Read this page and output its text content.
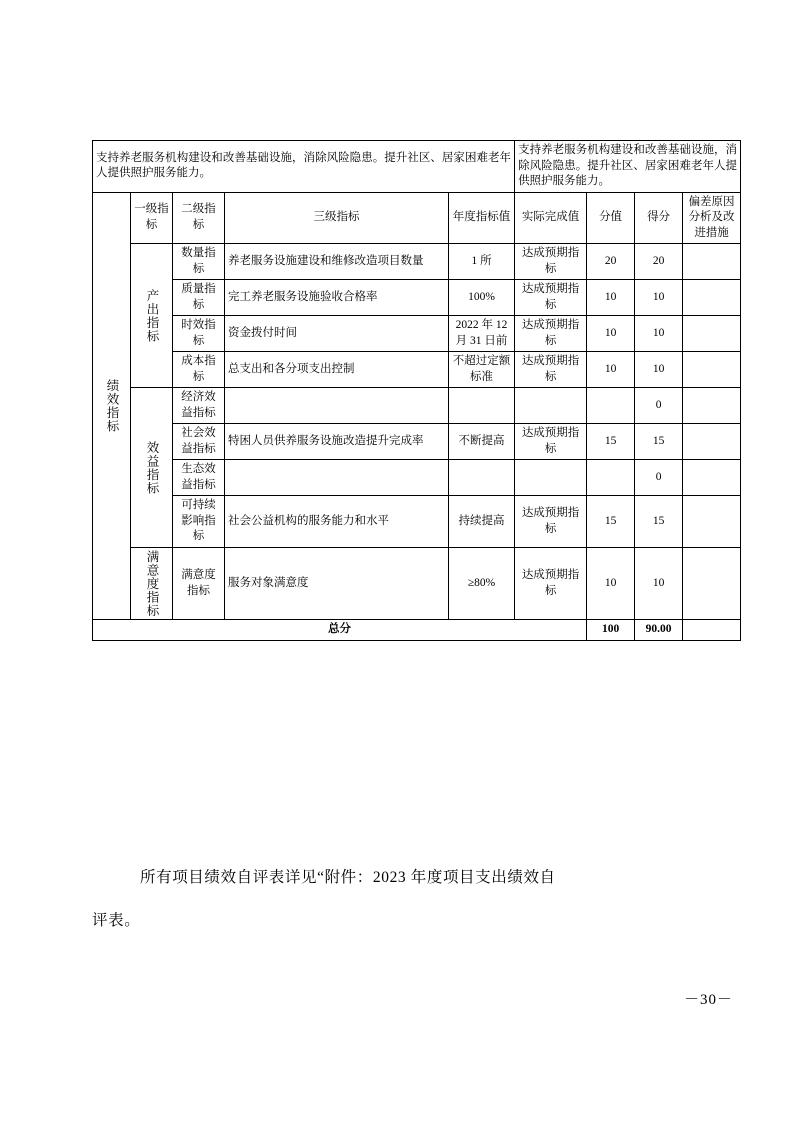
支持养老服务机构建设和改善基础设施，消除风险隐患。提升社区、居家困难老年人提供照护服务能力。					支持养老服务机构建设和改善基础设施，消除风险隐患。提升社区、居家困难老年人提供照护服务能力。			

绩效指标	一级指标	二级指标	三级指标	年度指标值	实际完成值	分值	得分	偏差原因分析及改进措施

	产出指标	数量指标	养老服务设施建设和维修改造项目数量	1 所	达成预期指标	20	20	
		质量指标	完工养老服务设施验收合格率	100%	达成预期指标	10	10	
		时效指标	资金拨付时间	2022 年 12 月 31 日前	达成预期指标	10	10	
		成本指标	总支出和各分项支出控制	不超过定额标准	达成预期指标	10	10	

	效益指标	经济效益指标					0	
		社会效益指标	特困人员供养服务设施改造提升完成率	不断提高	达成预期指标	15	15	
		生态效益指标					0	
		可持续影响指标	社会公益机构的服务能力和水平	持续提高	达成预期指标	15	15	

	满意度指标	满意度指标	服务对象满意度	≥80%	达成预期指标	10	10	
总分						100	90.00	
所有项目绩效自评表详见“附件：2023 年度项目支出绩效自
评表。
－30－
